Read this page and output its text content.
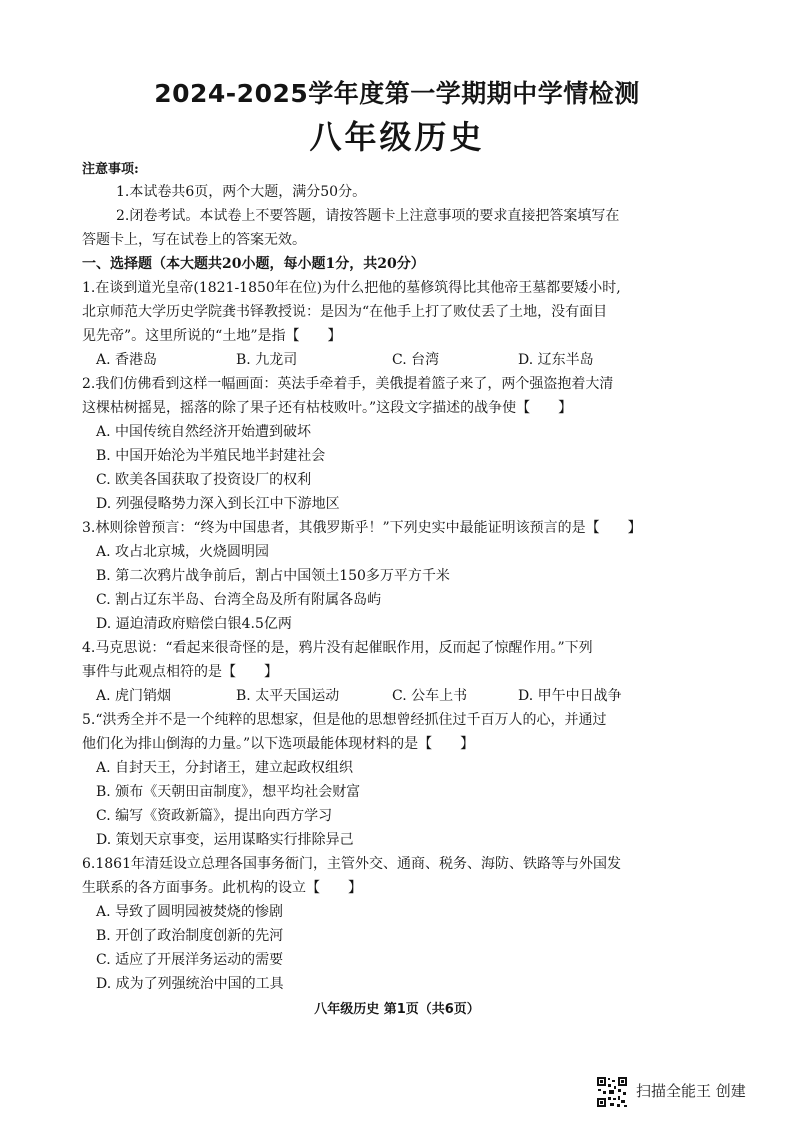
2024-2025学年度第一学期期中学情检测
八年级历史
注意事项:
1.本试卷共6页，两个大题，满分50分。
2.闭卷考试。本试卷上不要答题，请按答题卡上注意事项的要求直接把答案填写在
答题卡上，写在试卷上的答案无效。
一、选择题（本大题共20小题，每小题1分，共20分）
1.在谈到道光皇帝(1821-1850年在位)为什么把他的墓修筑得比其他帝王墓都要矮小时,
北京师范大学历史学院龚书铎教授说：是因为“在他手上打了败仗丢了土地，没有面目
见先帝”。这里所说的“土地”是指【　　】
A. 香港岛	B. 九龙司	C. 台湾	D. 辽东半岛
2.我们仿佛看到这样一幅画面：英法手牵着手，美俄提着篮子来了，两个强盗抱着大清
这棵枯树摇晃，摇落的除了果子还有枯枝败叶。”这段文字描述的战争使【　　】
A. 中国传统自然经济开始遭到破坏
B. 中国开始沦为半殖民地半封建社会
C. 欧美各国获取了投资设厂的权利
D. 列强侵略势力深入到长江中下游地区
3.林则徐曾预言：“终为中国患者，其俄罗斯乎！”下列史实中最能证明该预言的是【　　】
A. 攻占北京城，火烧圆明园
B. 第二次鸦片战争前后，割占中国领土150多万平方千米
C. 割占辽东半岛、台湾全岛及所有附属各岛屿
D. 逼迫清政府赔偿白银4.5亿两
4.马克思说：“看起来很奇怪的是，鸦片没有起催眠作用，反而起了惊醒作用。”下列
事件与此观点相符的是【　　】
A. 虎门销烟	B. 太平天国运动	C. 公车上书	D. 甲午中日战争
5.“洪秀全并不是一个纯粹的思想家，但是他的思想曾经抓住过千百万人的心，并通过
他们化为排山倒海的力量。”以下选项最能体现材料的是【　　】
A. 自封天王，分封诸王，建立起政权组织
B. 颁布《天朝田亩制度》，想平均社会财富
C. 编写《资政新篇》，提出向西方学习
D. 策划天京事变，运用谋略实行排除异己
6.1861年清廷设立总理各国事务衙门，主管外交、通商、税务、海防、铁路等与外国发
生联系的各方面事务。此机构的设立【　　】
A. 导致了圆明园被焚烧的惨剧
B. 开创了政治制度创新的先河
C. 适应了开展洋务运动的需要
D. 成为了列强统治中国的工具
八年级历史 第1页（共6页）
扫描全能王 创建
